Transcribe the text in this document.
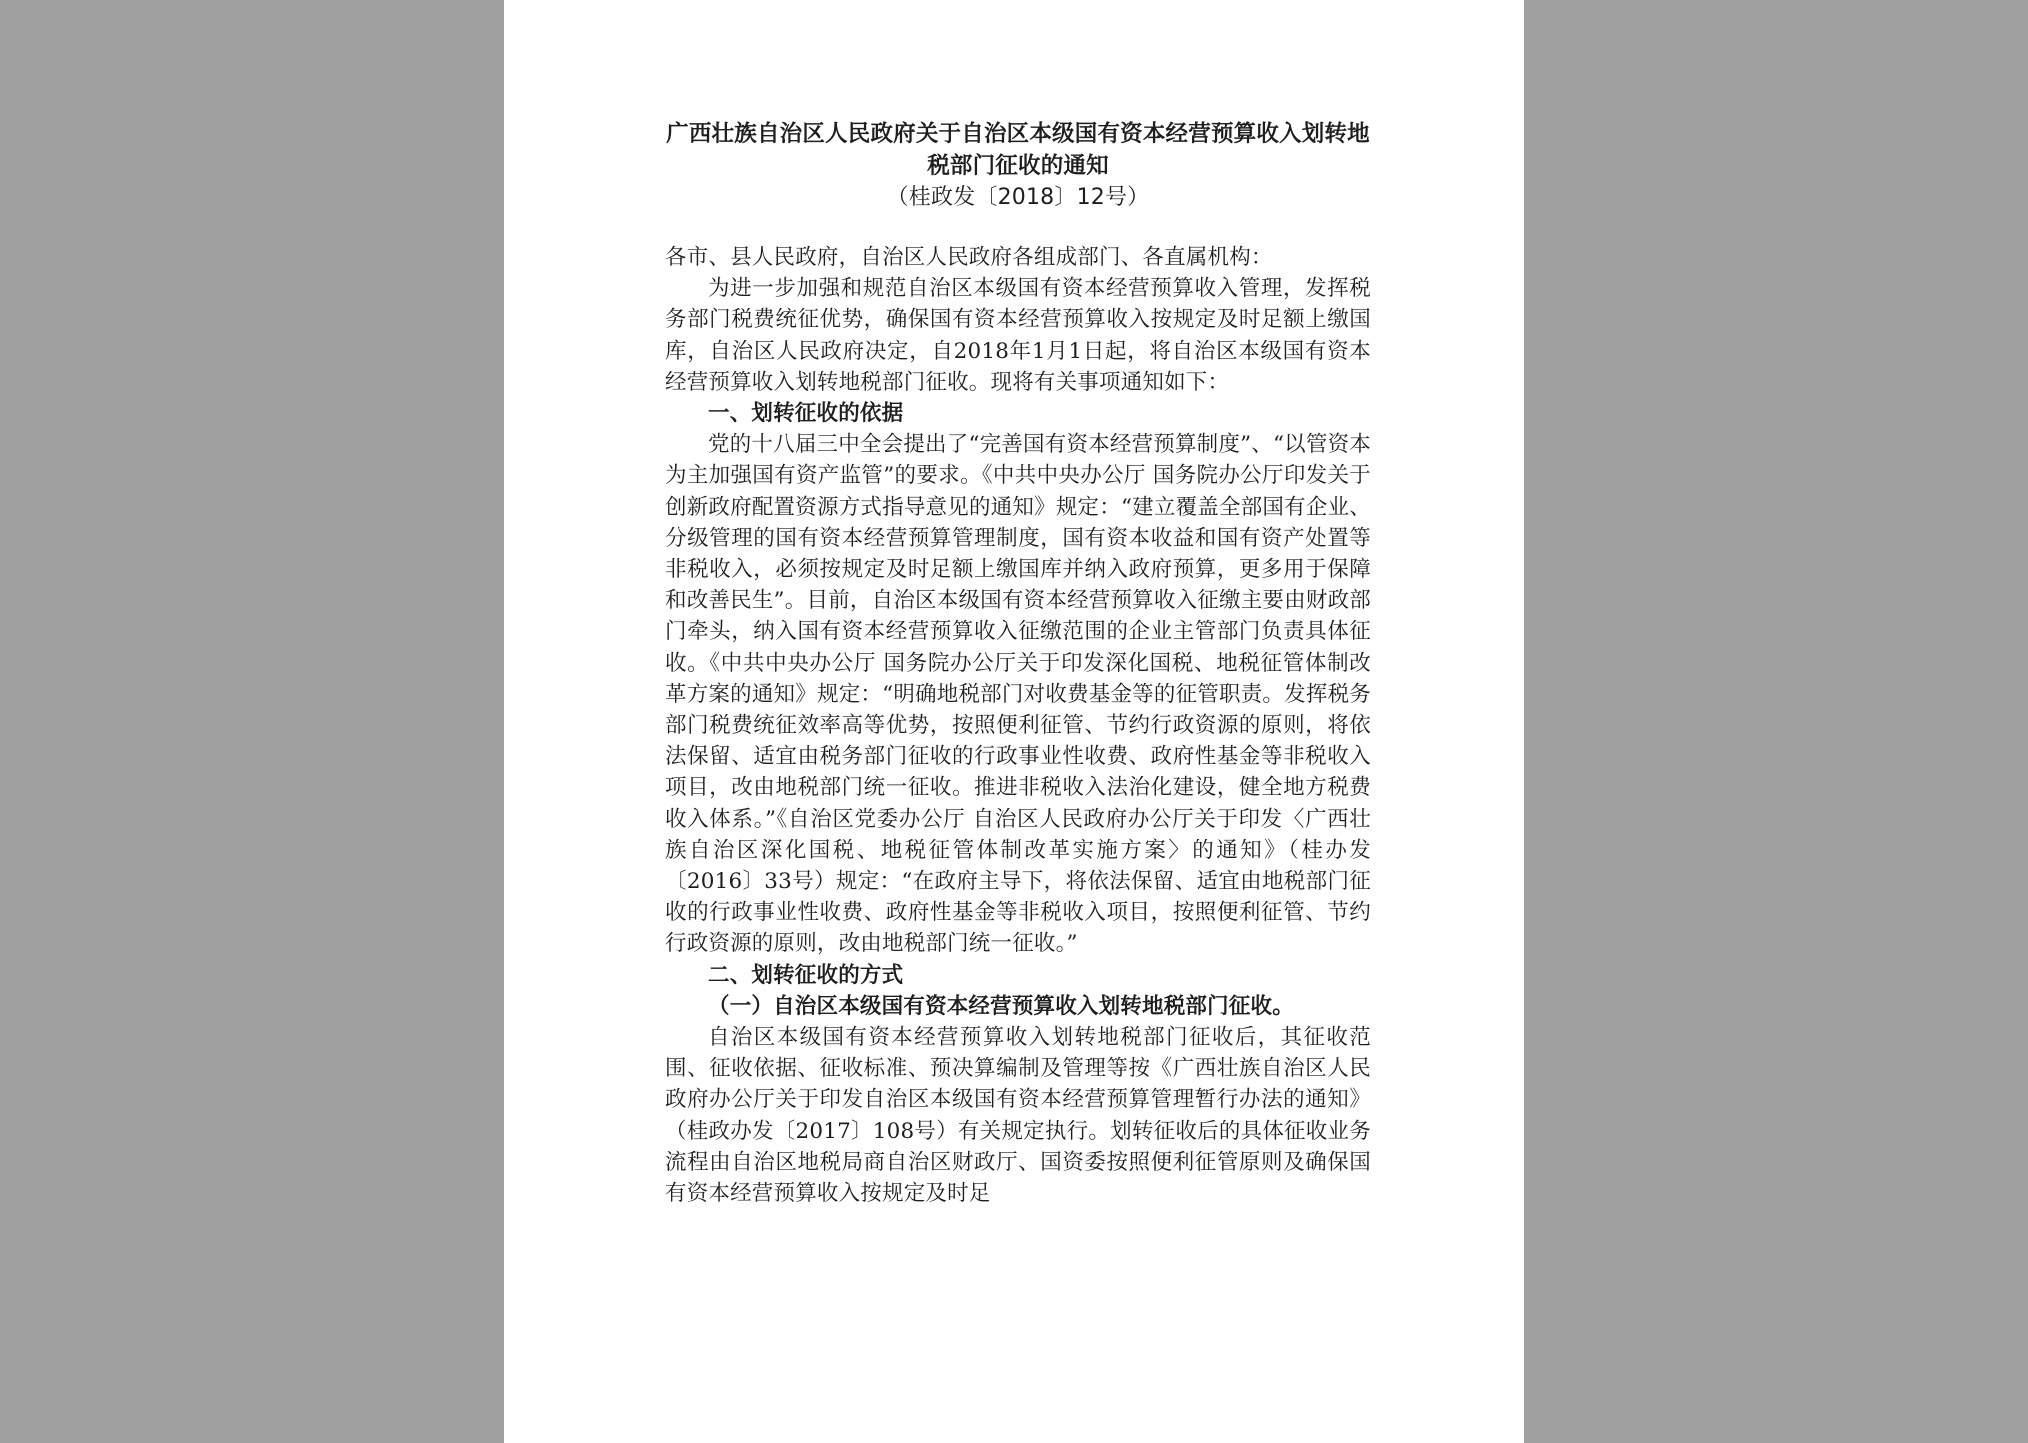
广西壮族自治区人民政府关于自治区本级国有资本经营预算收入划转地税部门征收的通知

（桂政发〔2018〕12号）

各市、县人民政府，自治区人民政府各组成部门、各直属机构：

为进一步加强和规范自治区本级国有资本经营预算收入管理，发挥税务部门税费统征优势，确保国有资本经营预算收入按规定及时足额上缴国库，自治区人民政府决定，自2018年1月1日起，将自治区本级国有资本经营预算收入划转地税部门征收。现将有关事项通知如下：

一、划转征收的依据

党的十八届三中全会提出了“完善国有资本经营预算制度”、“以管资本为主加强国有资产监管”的要求。《中共中央办公厅 国务院办公厅印发关于创新政府配置资源方式指导意见的通知》规定：“建立覆盖全部国有企业、分级管理的国有资本经营预算管理制度，国有资本收益和国有资产处置等非税收入，必须按规定及时足额上缴国库并纳入政府预算，更多用于保障和改善民生”。目前，自治区本级国有资本经营预算收入征缴主要由财政部门牵头，纳入国有资本经营预算收入征缴范围的企业主管部门负责具体征收。《中共中央办公厅 国务院办公厅关于印发深化国税、地税征管体制改革方案的通知》规定：“明确地税部门对收费基金等的征管职责。发挥税务部门税费统征效率高等优势，按照便利征管、节约行政资源的原则，将依法保留、适宜由税务部门征收的行政事业性收费、政府性基金等非税收入项目，改由地税部门统一征收。推进非税收入法治化建设，健全地方税费收入体系。”《自治区党委办公厅 自治区人民政府办公厅关于印发〈广西壮族自治区深化国税、地税征管体制改革实施方案〉的通知》（桂办发〔2016〕33号）规定：“在政府主导下，将依法保留、适宜由地税部门征收的行政事业性收费、政府性基金等非税收入项目，按照便利征管、节约行政资源的原则，改由地税部门统一征收。”

二、划转征收的方式

（一）自治区本级国有资本经营预算收入划转地税部门征收。

自治区本级国有资本经营预算收入划转地税部门征收后，其征收范围、征收依据、征收标准、预决算编制及管理等按《广西壮族自治区人民政府办公厅关于印发自治区本级国有资本经营预算管理暂行办法的通知》（桂政办发〔2017〕108号）有关规定执行。划转征收后的具体征收业务流程由自治区地税局商自治区财政厅、国资委按照便利征管原则及确保国有资本经营预算收入按规定及时足
